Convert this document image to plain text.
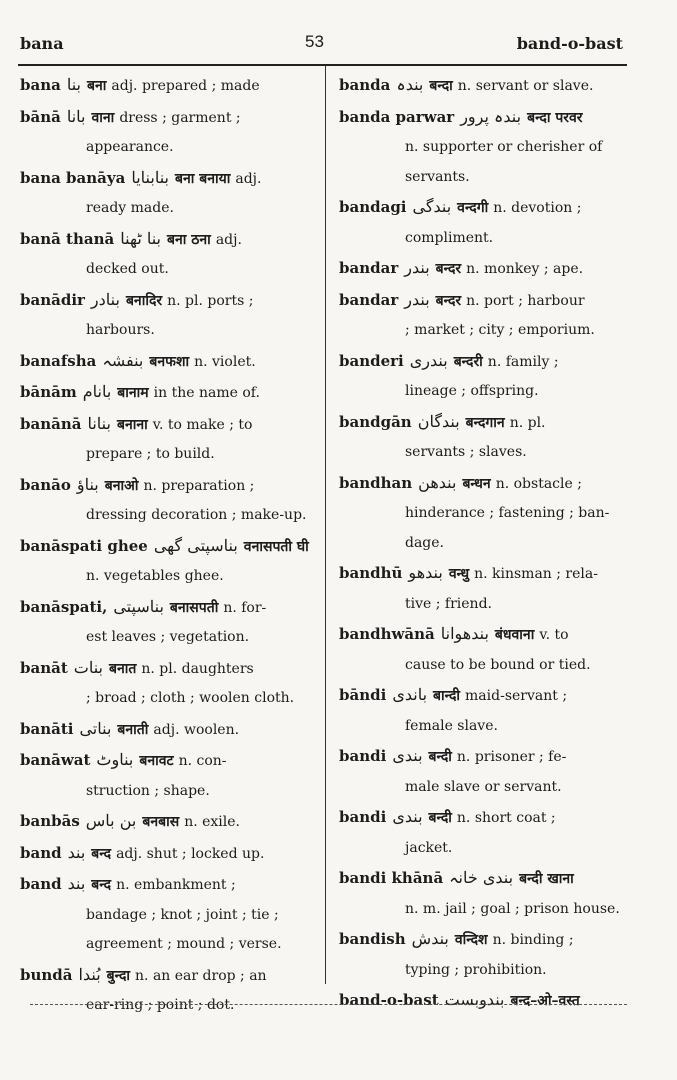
bana	53	band-o-bast
bana بنا बना adj. prepared ; made
bānā بانا वाना dress ; garment ;
appearance.
bana banāya بنابنایا बना बनाया adj.
ready made.
banā thanā بنا ٹھنا बना ठना adj.
decked out.
banādir بنادر बनादिर n. pl. ports ;
harbours.
banafsha بنفشہ बनफशा n. violet.
bānām بانام बानाम in the name of.
banānā بنانا बनाना v. to make ; to
prepare ; to build.
banāo بناؤ बनाओ n. preparation ;
dressing decoration ; make-up.
banāspati ghee بناسپتی گھی वनासपती घी
n. vegetables ghee.
banāspati, بناسپتی बनासपती n. for-
est leaves ; vegetation.
banāt بنات बनात n. pl. daughters
; broad ; cloth ; woolen cloth.
banāti بناتی बनाती adj. woolen.
banāwat بناوٹ बनावट n. con-
struction ; shape.
banbās بن باس बनबास n. exile.
band بند बन्द adj. shut ; locked up.
band بند बन्द n. embankment ;
bandage ; knot ; joint ; tie ;
agreement ; mound ; verse.
bundā بُندا बुन्दा n. an ear drop ; an
ear-ring ; point ; dot.
banda بندہ बन्दा n. servant or slave.
banda parwar بندہ پرور बन्दा परवर
n. supporter or cherisher of
servants.
bandagi بندگی वन्दगी n. devotion ;
compliment.
bandar بندر बन्दर n. monkey ; ape.
bandar بندر बन्दर n. port ; harbour
; market ; city ; emporium.
banderi بندری बन्दरी n. family ;
lineage ; offspring.
bandgān بندگان बन्दगान n. pl.
servants ; slaves.
bandhan بندھن बन्धन n. obstacle ;
hinderance ; fastening ; ban-
dage.
bandhū بندھو वन्धु n. kinsman ; rela-
tive ; friend.
bandhwānā بندھوانا बंधवाना v. to
cause to be bound or tied.
bāndi باندی बान्दी maid-servant ;
female slave.
bandi بندی बन्दी n. prisoner ; fe-
male slave or servant.
bandi بندی बन्दी n. short coat ;
jacket.
bandi khānā بندی خانہ बन्दी खाना
n. m. jail ; goal ; prison house.
bandish بندش वन्दिश n. binding ;
typing ; prohibition.
band-o-bast بندوبست बन्द–ओ–वस्त
